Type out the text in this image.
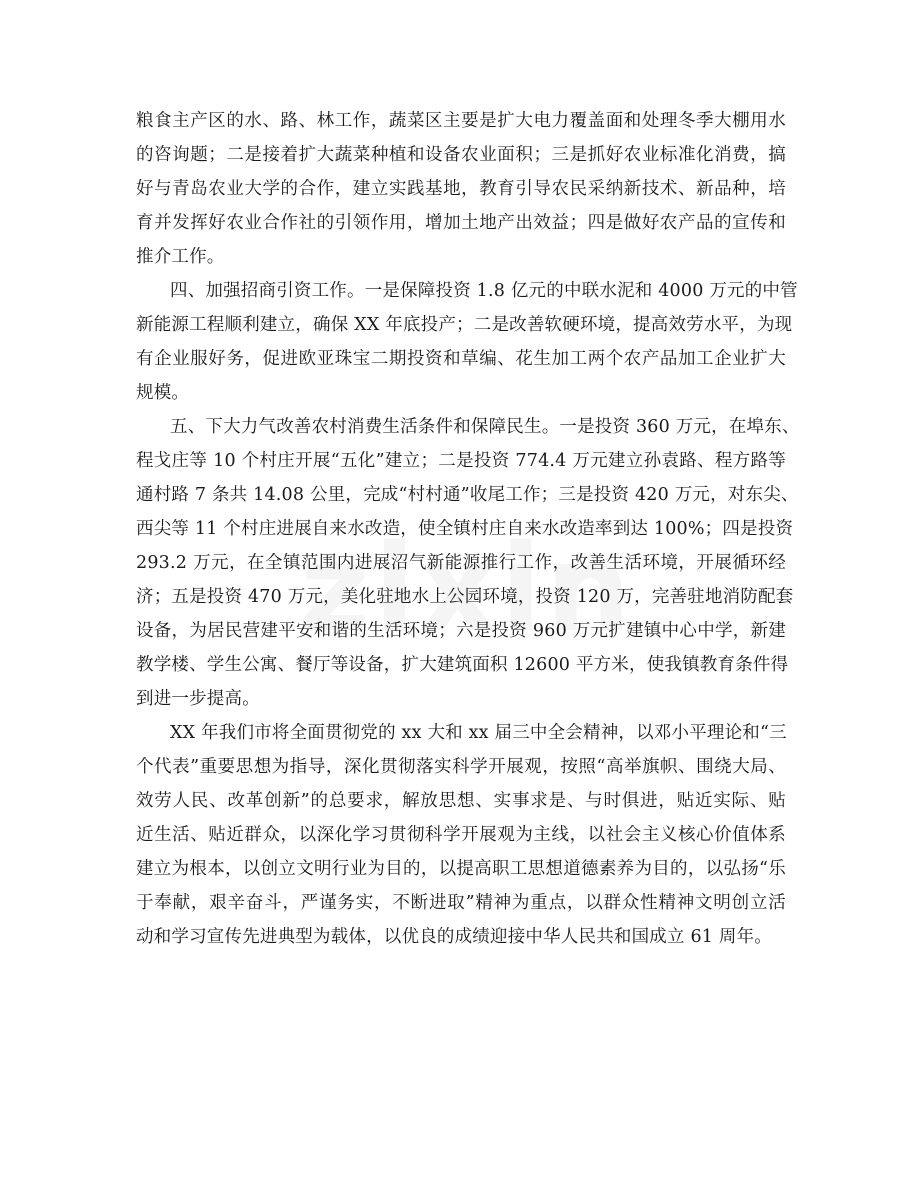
粮食主产区的水、路、林工作，蔬菜区主要是扩大电力覆盖面和处理冬季大棚用水
的咨询题；二是接着扩大蔬菜种植和设备农业面积；三是抓好农业标准化消费，搞
好与青岛农业大学的合作，建立实践基地，教育引导农民采纳新技术、新品种，培
育并发挥好农业合作社的引领作用，增加土地产出效益；四是做好农产品的宣传和
推介工作。
四、加强招商引资工作。一是保障投资 1.8 亿元的中联水泥和 4000 万元的中管
新能源工程顺利建立，确保 XX 年底投产；二是改善软硬环境，提高效劳水平，为现
有企业服好务，促进欧亚珠宝二期投资和草编、花生加工两个农产品加工企业扩大
规模。
五、下大力气改善农村消费生活条件和保障民生。一是投资 360 万元，在埠东、
程戈庄等 10 个村庄开展“五化”建立；二是投资 774.4 万元建立孙袁路、程方路等
通村路 7 条共 14.08 公里，完成“村村通”收尾工作；三是投资 420 万元，对东尖、
西尖等 11 个村庄进展自来水改造，使全镇村庄自来水改造率到达 100%；四是投资
293.2 万元，在全镇范围内进展沼气新能源推行工作，改善生活环境，开展循环经
济；五是投资 470 万元，美化驻地水上公园环境，投资 120 万，完善驻地消防配套
设备，为居民营建平安和谐的生活环境；六是投资 960 万元扩建镇中心中学，新建
教学楼、学生公寓、餐厅等设备，扩大建筑面积 12600 平方米，使我镇教育条件得
到进一步提高。
XX 年我们市将全面贯彻党的 xx 大和 xx 届三中全会精神，以邓小平理论和“三
个代表”重要思想为指导，深化贯彻落实科学开展观，按照“高举旗帜、围绕大局、
效劳人民、改革创新”的总要求，解放思想、实事求是、与时俱进，贴近实际、贴
近生活、贴近群众，以深化学习贯彻科学开展观为主线，以社会主义核心价值体系
建立为根本，以创立文明行业为目的，以提高职工思想道德素养为目的，以弘扬“乐
于奉献，艰辛奋斗，严谨务实，不断进取”精神为重点，以群众性精神文明创立活
动和学习宣传先进典型为载体，以优良的成绩迎接中华人民共和国成立 61 周年。
